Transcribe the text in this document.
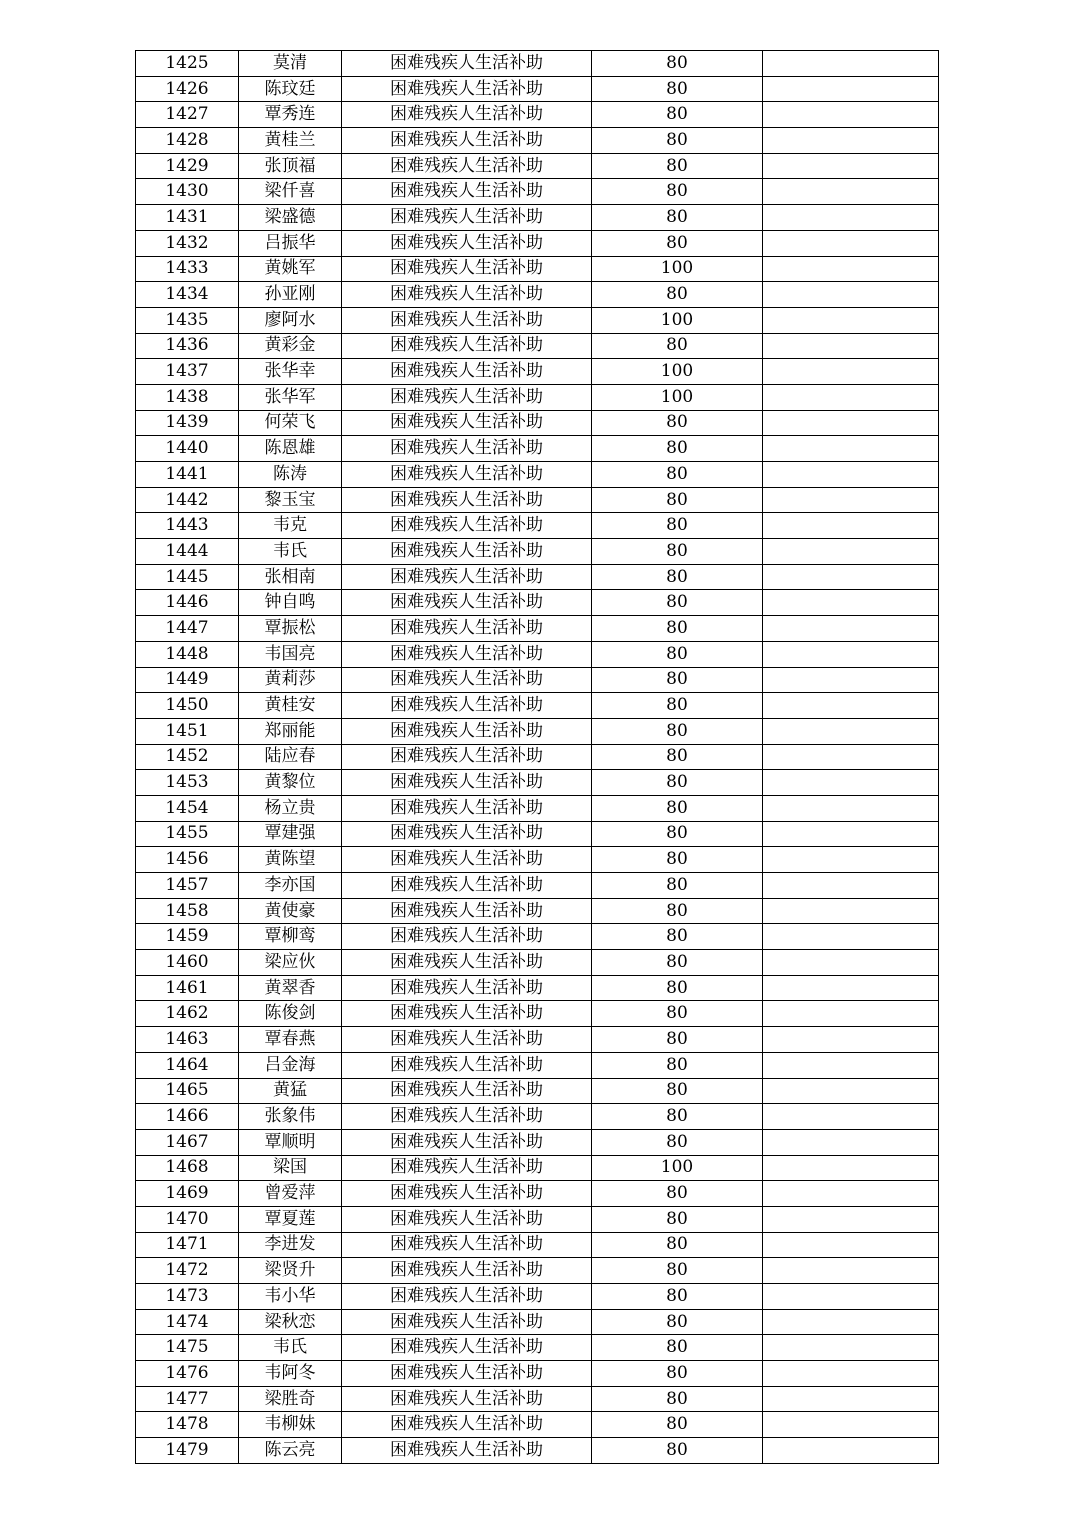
1425	莫清	困难残疾人生活补助	80	
1426	陈玟廷	困难残疾人生活补助	80	
1427	覃秀连	困难残疾人生活补助	80	
1428	黄桂兰	困难残疾人生活补助	80	
1429	张顶福	困难残疾人生活补助	80	
1430	梁仟喜	困难残疾人生活补助	80	
1431	梁盛德	困难残疾人生活补助	80	
1432	吕振华	困难残疾人生活补助	80	
1433	黄姚军	困难残疾人生活补助	100	
1434	孙亚刚	困难残疾人生活补助	80	
1435	廖阿水	困难残疾人生活补助	100	
1436	黄彩金	困难残疾人生活补助	80	
1437	张华幸	困难残疾人生活补助	100	
1438	张华军	困难残疾人生活补助	100	
1439	何荣飞	困难残疾人生活补助	80	
1440	陈恩雄	困难残疾人生活补助	80	
1441	陈涛	困难残疾人生活补助	80	
1442	黎玉宝	困难残疾人生活补助	80	
1443	韦克	困难残疾人生活补助	80	
1444	韦氏	困难残疾人生活补助	80	
1445	张相南	困难残疾人生活补助	80	
1446	钟自鸣	困难残疾人生活补助	80	
1447	覃振松	困难残疾人生活补助	80	
1448	韦国亮	困难残疾人生活补助	80	
1449	黄莉莎	困难残疾人生活补助	80	
1450	黄桂安	困难残疾人生活补助	80	
1451	郑丽能	困难残疾人生活补助	80	
1452	陆应春	困难残疾人生活补助	80	
1453	黄黎位	困难残疾人生活补助	80	
1454	杨立贵	困难残疾人生活补助	80	
1455	覃建强	困难残疾人生活补助	80	
1456	黄陈望	困难残疾人生活补助	80	
1457	李亦国	困难残疾人生活补助	80	
1458	黄使豪	困难残疾人生活补助	80	
1459	覃柳鸾	困难残疾人生活补助	80	
1460	梁应伙	困难残疾人生活补助	80	
1461	黄翠香	困难残疾人生活补助	80	
1462	陈俊剑	困难残疾人生活补助	80	
1463	覃春燕	困难残疾人生活补助	80	
1464	吕金海	困难残疾人生活补助	80	
1465	黄猛	困难残疾人生活补助	80	
1466	张象伟	困难残疾人生活补助	80	
1467	覃顺明	困难残疾人生活补助	80	
1468	梁国	困难残疾人生活补助	100	
1469	曾爱萍	困难残疾人生活补助	80	
1470	覃夏莲	困难残疾人生活补助	80	
1471	李进发	困难残疾人生活补助	80	
1472	梁贤升	困难残疾人生活补助	80	
1473	韦小华	困难残疾人生活补助	80	
1474	梁秋恋	困难残疾人生活补助	80	
1475	韦氏	困难残疾人生活补助	80	
1476	韦阿冬	困难残疾人生活补助	80	
1477	梁胜奇	困难残疾人生活补助	80	
1478	韦柳妹	困难残疾人生活补助	80	
1479	陈云亮	困难残疾人生活补助	80	
